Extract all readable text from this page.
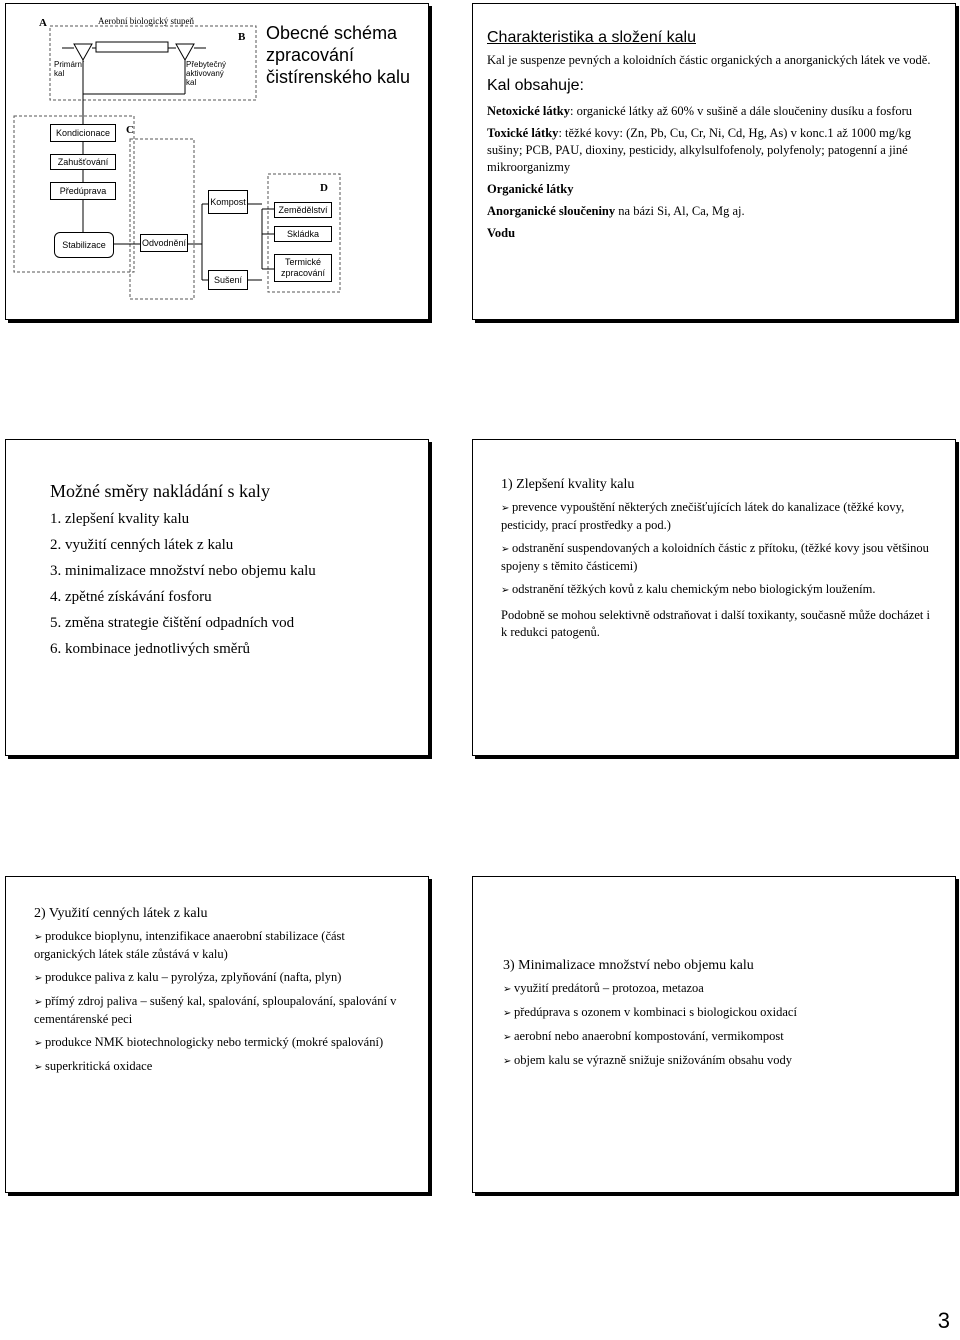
A	Aerobní biologický stupeň
B
Primární kal
Přebytečný aktivovaný kal
Obecné schéma zpracování čistírenského kalu
C
D
Kondicionace
Zahušťování
Předúprava
Stabilizace	Odvodnění
Kompost
Sušení
Zemědělství
Skládka
Termické zpracování
Charakteristika a složení kalu

Kal je suspenze pevných a koloidních částic organických a anorganických látek ve vodě.

Kal obsahuje:

Netoxické látky: organické látky až 60% v sušině a dále sloučeniny dusíku a fosforu

Toxické látky: těžké kovy: (Zn, Pb, Cu, Cr, Ni, Cd, Hg, As) v konc.1 až 1000 mg/kg sušiny; PCB, PAU, dioxiny, pesticidy, alkylsulfofenoly, polyfenoly; patogenní a jiné mikroorganizmy

Organické látky

Anorganické sloučeniny na bázi Si, Al, Ca, Mg aj.

Vodu

Možné směry nakládání s kaly

1. zlepšení kvality kalu

2. využití cenných látek z kalu

3. minimalizace množství nebo objemu kalu

4. zpětné získávání fosforu

5. změna strategie čištění odpadních vod

6. kombinace jednotlivých směrů

1) Zlepšení kvality kalu

➢ prevence vypouštění některých znečišťujících látek do kanalizace (těžké kovy, pesticidy, prací prostředky a pod.)

➢ odstranění suspendovaných a koloidních částic z přítoku, (těžké kovy jsou většinou spojeny s těmito částicemi)

➢ odstranění těžkých kovů z kalu chemickým nebo biologickým loužením.

Podobně se mohou selektivně odstraňovat i další toxikanty, současně může docházet i k redukci patogenů.

2) Využití cenných látek z kalu

➢ produkce bioplynu, intenzifikace anaerobní stabilizace (část organických látek stále zůstává v kalu)

➢ produkce paliva z kalu – pyrolýza, zplyňování (nafta, plyn)

➢ přímý zdroj paliva – sušený kal, spalování, sploupalování, spalování v cementárenské peci

➢ produkce NMK biotechnologicky nebo termický (mokré spalování)

➢ superkritická oxidace

3) Minimalizace množství nebo objemu kalu

➢ využití predátorů – protozoa, metazoa

➢ předúprava s ozonem v kombinaci s biologickou oxidací

➢ aerobní nebo anaerobní kompostování, vermikompost

➢ objem kalu se výrazně snižuje snižováním obsahu vody

3
